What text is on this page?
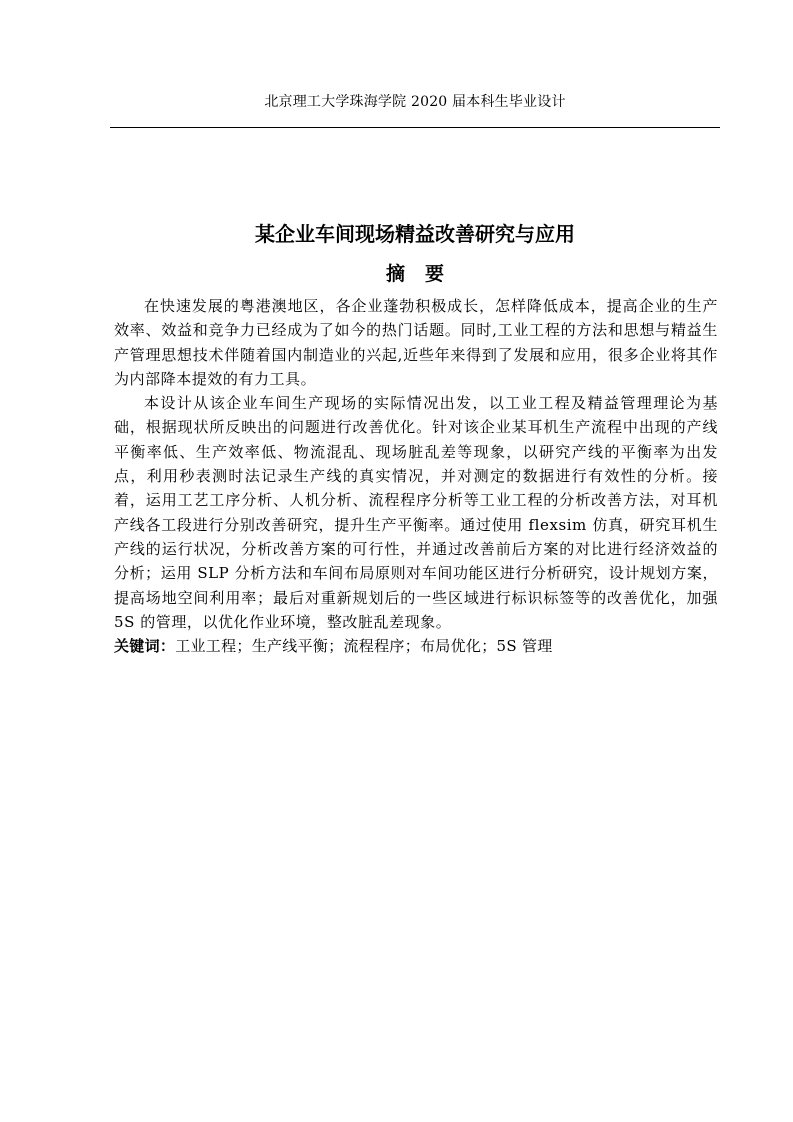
北京理工大学珠海学院 2020 届本科生毕业设计
某企业车间现场精益改善研究与应用
摘要

在快速发展的粤港澳地区，各企业蓬勃积极成长，怎样降低成本，提高企业的生产效率、效益和竞争力已经成为了如今的热门话题。同时,工业工程的方法和思想与精益生产管理思想技术伴随着国内制造业的兴起,近些年来得到了发展和应用，很多企业将其作为内部降本提效的有力工具。

本设计从该企业车间生产现场的实际情况出发，以工业工程及精益管理理论为基础，根据现状所反映出的问题进行改善优化。针对该企业某耳机生产流程中出现的产线平衡率低、生产效率低、物流混乱、现场脏乱差等现象，以研究产线的平衡率为出发点，利用秒表测时法记录生产线的真实情况，并对测定的数据进行有效性的分析。接着，运用工艺工序分析、人机分析、流程程序分析等工业工程的分析改善方法，对耳机产线各工段进行分别改善研究，提升生产平衡率。通过使用 flexsim 仿真，研究耳机生产线的运行状况，分析改善方案的可行性，并通过改善前后方案的对比进行经济效益的分析；运用 SLP 分析方法和车间布局原则对车间功能区进行分析研究，设计规划方案，提高场地空间利用率；最后对重新规划后的一些区域进行标识标签等的改善优化，加强 5S 的管理，以优化作业环境，整改脏乱差现象。

关键词：工业工程；生产线平衡；流程程序；布局优化；5S 管理
